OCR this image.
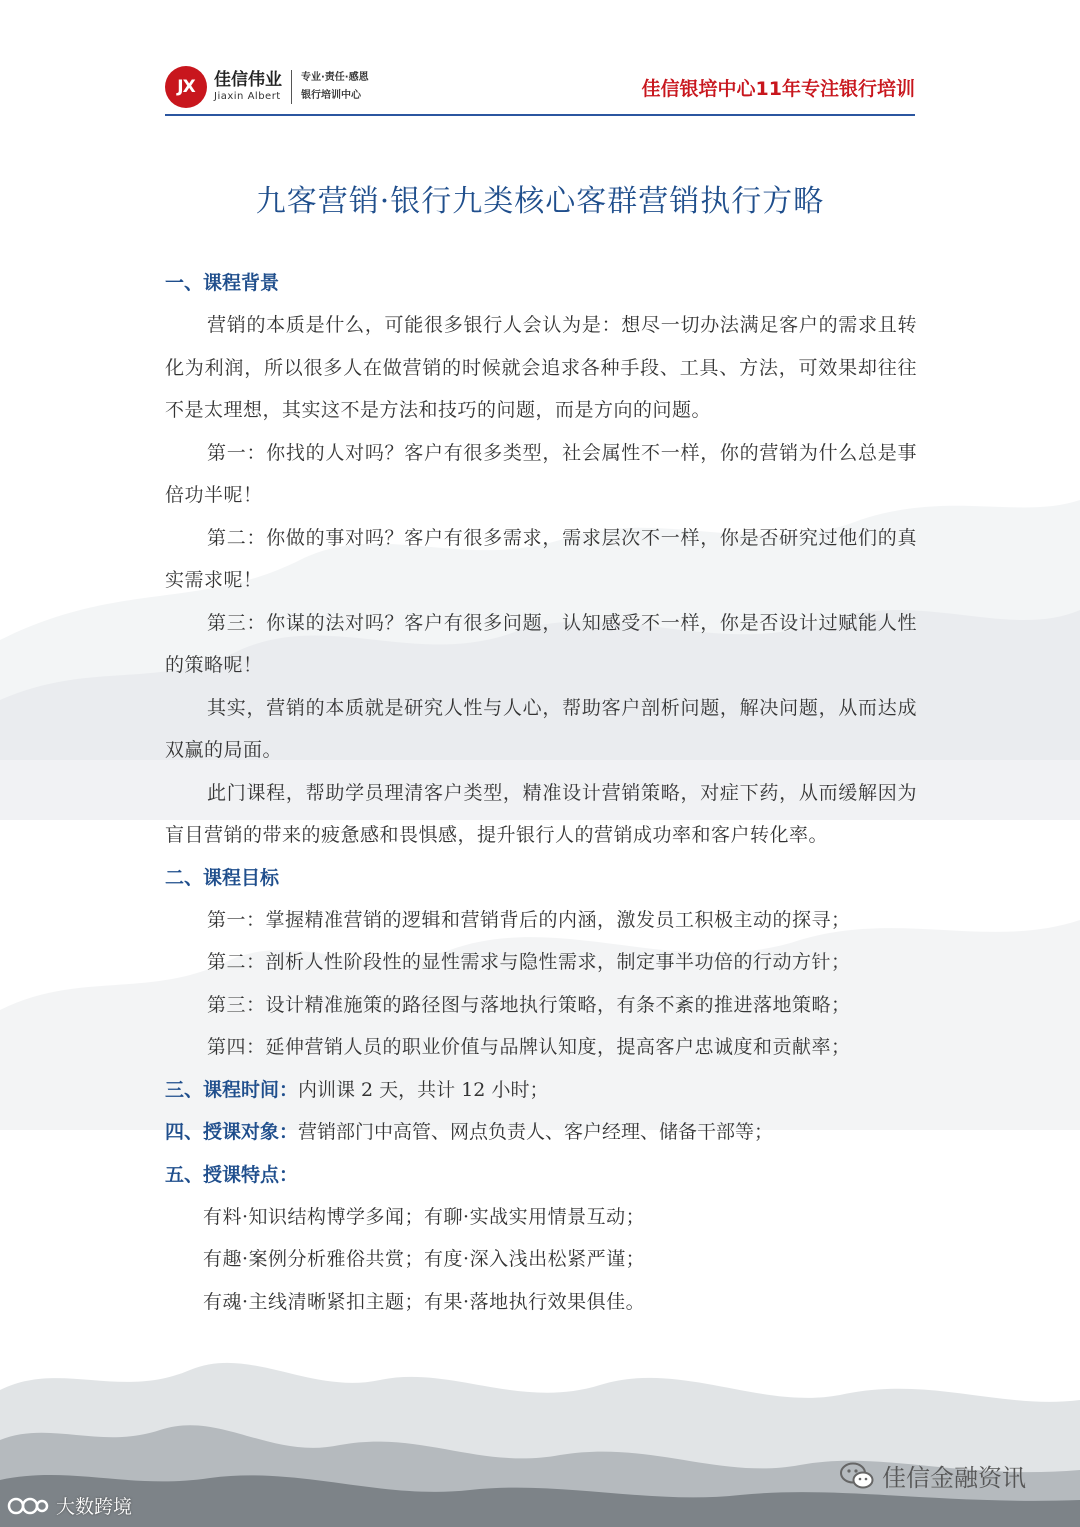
JX	佳信伟业
Jiaxin Albert
专业·责任·感恩
银行培训中心	佳信银培中心11年专注银行培训
九客营销·银行九类核心客群营销执行方略
一、课程背景

营销的本质是什么，可能很多银行人会认为是：想尽一切办法满足客户的需求且转化为利润，所以很多人在做营销的时候就会追求各种手段、工具、方法，可效果却往往不是太理想，其实这不是方法和技巧的问题，而是方向的问题。

第一：你找的人对吗？客户有很多类型，社会属性不一样，你的营销为什么总是事倍功半呢！

第二：你做的事对吗？客户有很多需求，需求层次不一样，你是否研究过他们的真实需求呢！

第三：你谋的法对吗？客户有很多问题，认知感受不一样，你是否设计过赋能人性的策略呢！

其实，营销的本质就是研究人性与人心，帮助客户剖析问题，解决问题，从而达成双赢的局面。

此门课程，帮助学员理清客户类型，精准设计营销策略，对症下药，从而缓解因为盲目营销的带来的疲惫感和畏惧感，提升银行人的营销成功率和客户转化率。

二、课程目标

第一：掌握精准营销的逻辑和营销背后的内涵，激发员工积极主动的探寻；

第二：剖析人性阶段性的显性需求与隐性需求，制定事半功倍的行动方针；

第三：设计精准施策的路径图与落地执行策略，有条不紊的推进落地策略；

第四：延伸营销人员的职业价值与品牌认知度，提高客户忠诚度和贡献率；

三、课程时间：内训课 2 天，共计 12 小时；

四、授课对象：营销部门中高管、网点负责人、客户经理、储备干部等；

五、授课特点：

有料·知识结构博学多闻；有聊·实战实用情景互动；

有趣·案例分析雅俗共赏；有度·深入浅出松紧严谨；

有魂·主线清晰紧扣主题；有果·落地执行效果俱佳。

佳信金融资讯
大数跨境
